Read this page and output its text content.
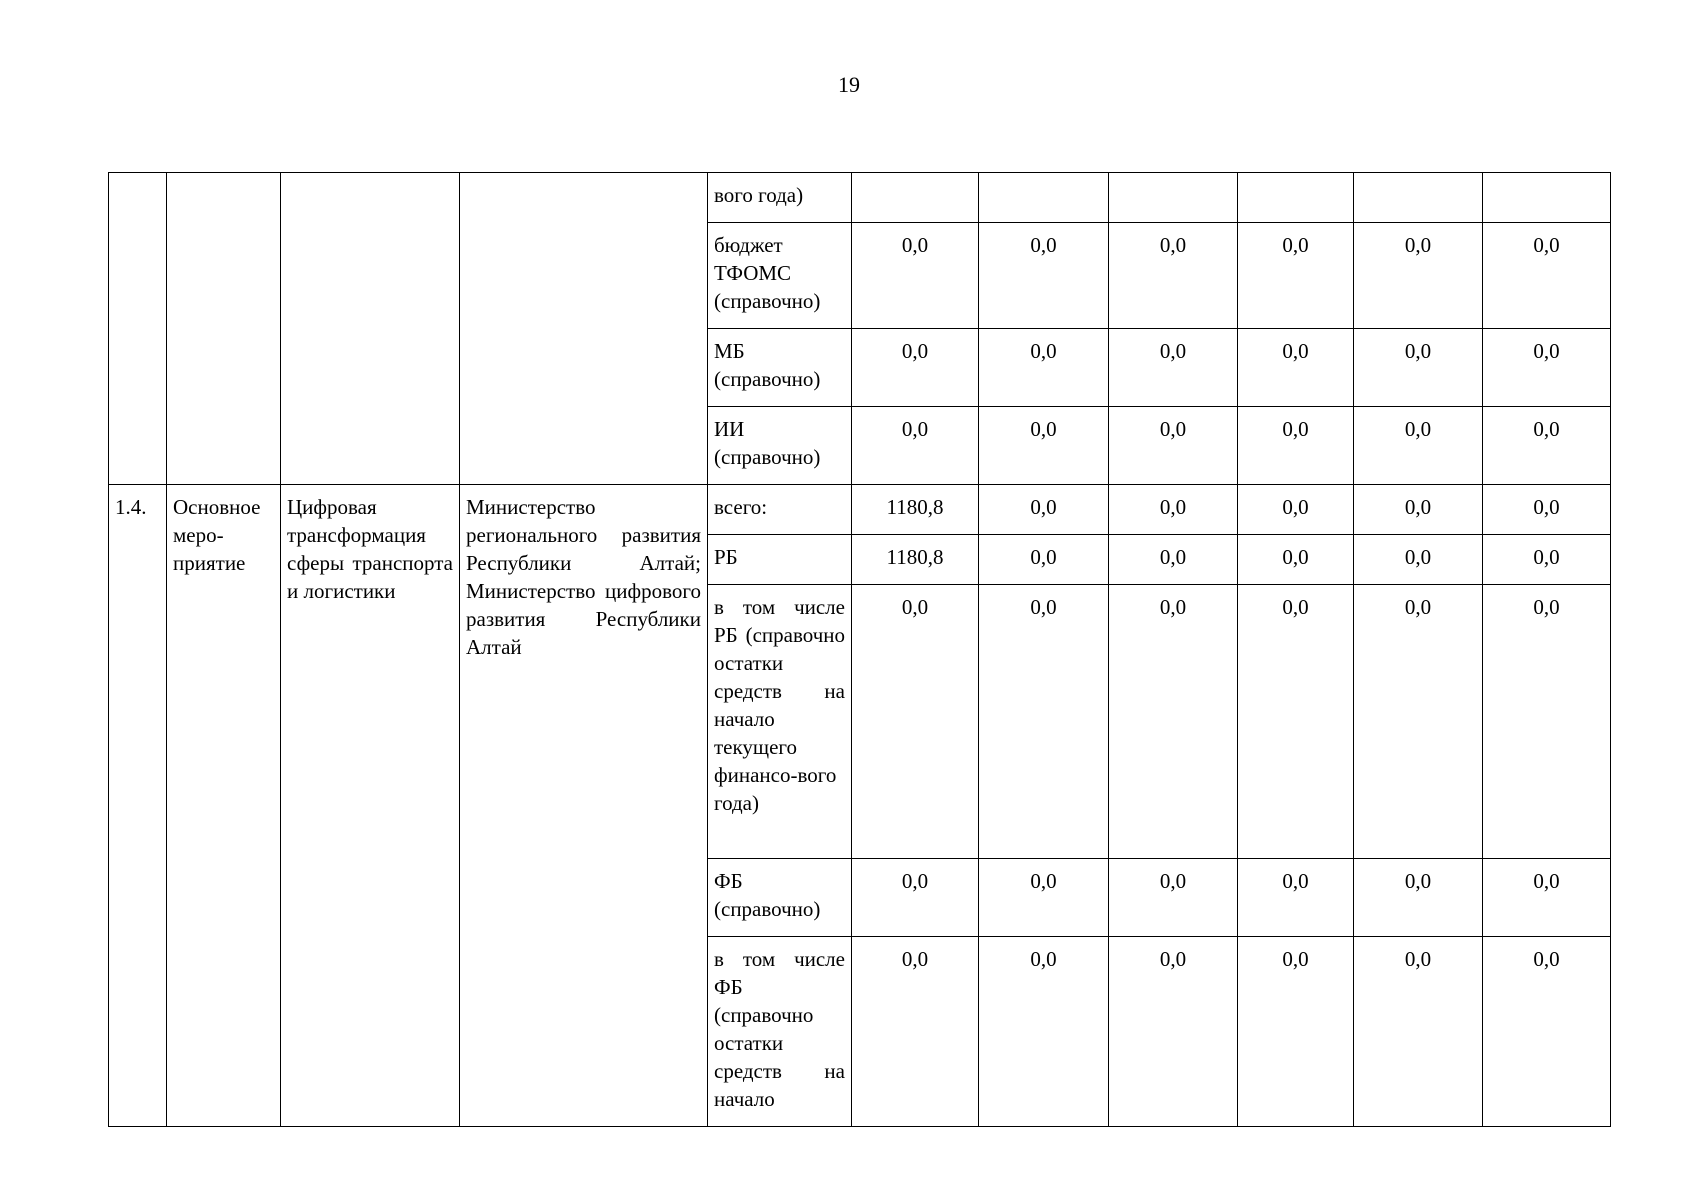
19
				вого года)						
				бюджет ТФОМС (справочно)	0,0	0,0	0,0	0,0	0,0	0,0
				МБ (справочно)	0,0	0,0	0,0	0,0	0,0	0,0
				ИИ (справочно)	0,0	0,0	0,0	0,0	0,0	0,0
1.4.	Основное меро-приятие	Цифровая трансформация сферы транспорта и логистики	Министерство регионального развития Республики Алтай; Министерство цифрового развития Республики Алтай	всего:	1180,8	0,0	0,0	0,0	0,0	0,0
				РБ	1180,8	0,0	0,0	0,0	0,0	0,0
				в том числе РБ (справочно остатки средств на начало текущего финансо-вого года)	0,0	0,0	0,0	0,0	0,0	0,0
				ФБ (справочно)	0,0	0,0	0,0	0,0	0,0	0,0
				в том числе ФБ (справочно остатки средств на начало	0,0	0,0	0,0	0,0	0,0	0,0
